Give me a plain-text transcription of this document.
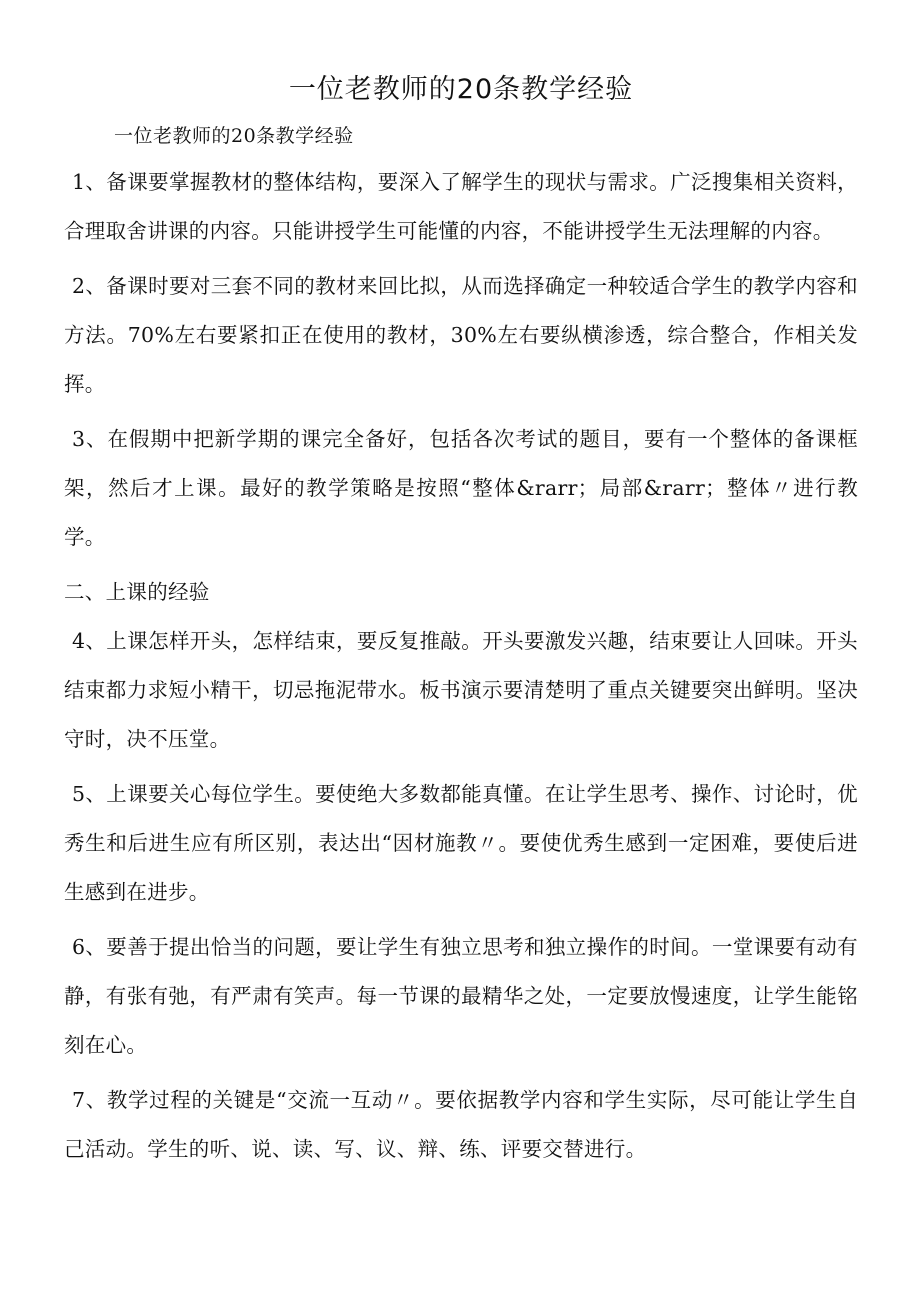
一位老教师的20条教学经验

一位老教师的20条教学经验

1、备课要掌握教材的整体结构，要深入了解学生的现状与需求。广泛搜集相关资料，合理取舍讲课的内容。只能讲授学生可能懂的内容，不能讲授学生无法理解的内容。

2、备课时要对三套不同的教材来回比拟，从而选择确定一种较适合学生的教学内容和方法。70%左右要紧扣正在使用的教材，30%左右要纵横渗透，综合整合，作相关发挥。

3、在假期中把新学期的课完全备好，包括各次考试的题目，要有一个整体的备课框架，然后才上课。最好的教学策略是按照“整体&rarr；局部&rarr；整体〃进行教学。

二、上课的经验

4、上课怎样开头，怎样结束，要反复推敲。开头要激发兴趣，结束要让人回味。开头结束都力求短小精干，切忌拖泥带水。板书演示要清楚明了重点关键要突出鲜明。坚决守时，决不压堂。

5、上课要关心每位学生。要使绝大多数都能真懂。在让学生思考、操作、讨论时，优秀生和后进生应有所区别，表达出“因材施教〃。要使优秀生感到一定困难，要使后进生感到在进步。

6、要善于提出恰当的问题，要让学生有独立思考和独立操作的时间。一堂课要有动有静，有张有弛，有严肃有笑声。每一节课的最精华之处，一定要放慢速度，让学生能铭刻在心。

7、教学过程的关键是“交流一互动〃。要依据教学内容和学生实际，尽可能让学生自己活动。学生的听、说、读、写、议、辩、练、评要交替进行。
